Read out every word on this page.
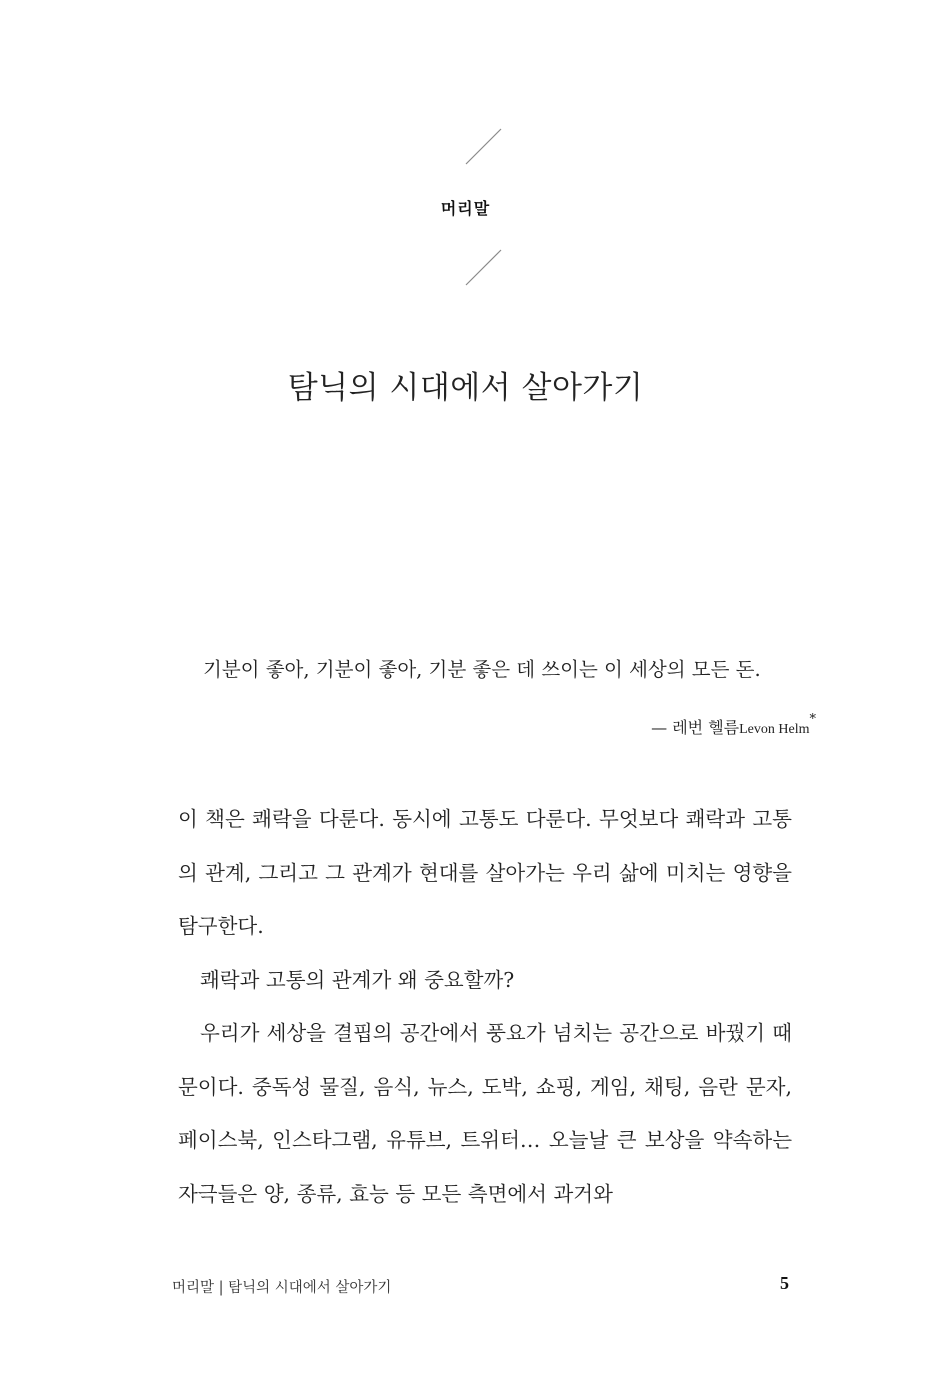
머리말
탐닉의 시대에서 살아가기
기분이 좋아, 기분이 좋아, 기분 좋은 데 쓰이는 이 세상의 모든 돈.
— 레번 헬름Levon Helm*

이 책은 쾌락을 다룬다. 동시에 고통도 다룬다. 무엇보다 쾌락과 고통의 관계, 그리고 그 관계가 현대를 살아가는 우리 삶에 미치는 영향을 탐구한다.

쾌락과 고통의 관계가 왜 중요할까?

우리가 세상을 결핍의 공간에서 풍요가 넘치는 공간으로 바꿨기 때문이다. 중독성 물질, 음식, 뉴스, 도박, 쇼핑, 게임, 채팅, 음란 문자, 페이스북, 인스타그램, 유튜브, 트위터… 오늘날 큰 보상을 약속하는 자극들은 양, 종류, 효능 등 모든 측면에서 과거와

머리말 | 탐닉의 시대에서 살아가기	5
